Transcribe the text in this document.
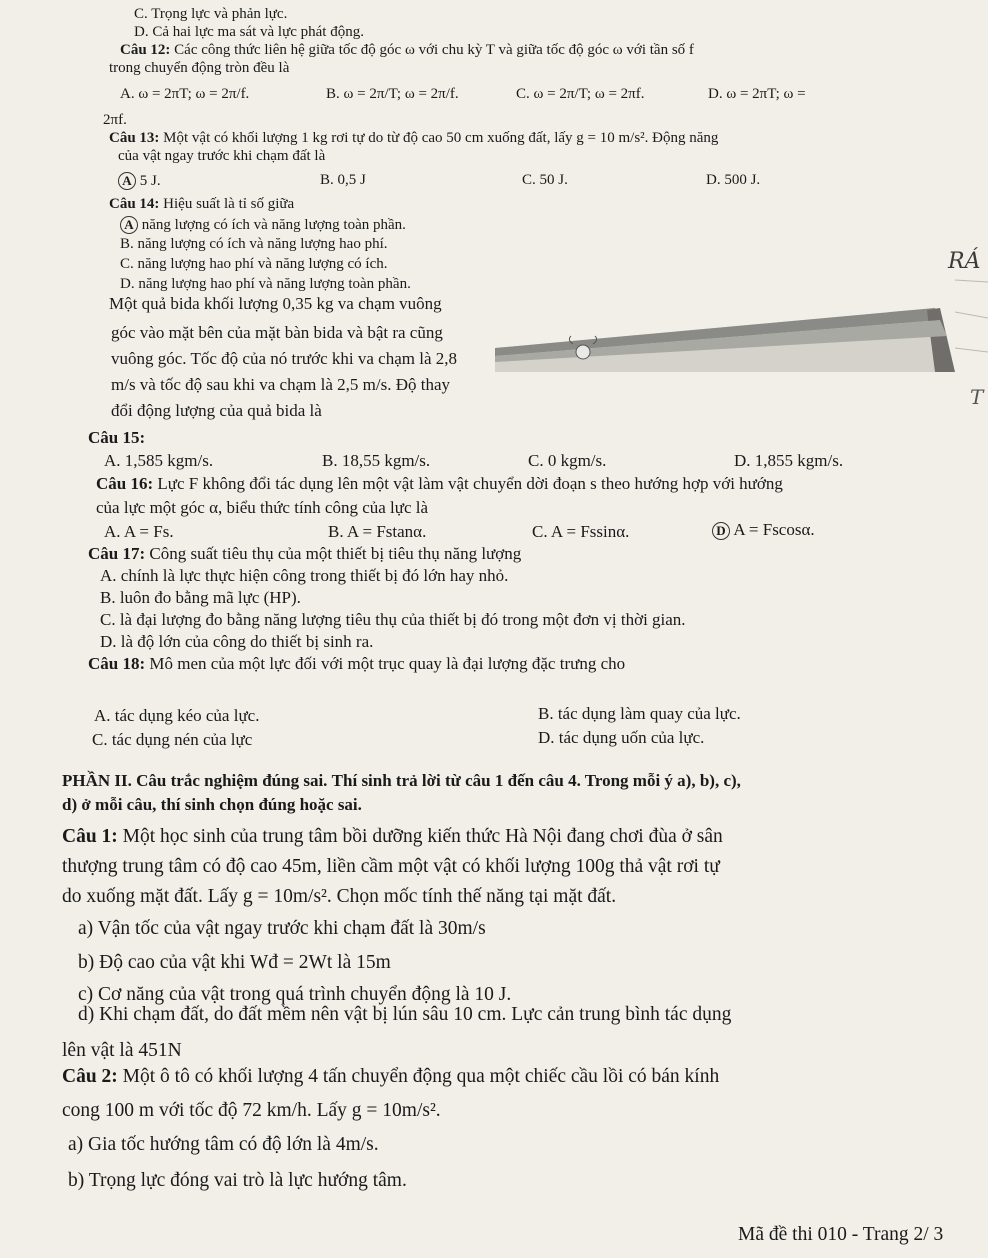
RÁ
T
C. Trọng lực và phản lực.
D. Cả hai lực ma sát và lực phát động.
Câu 12: Các công thức liên hệ giữa tốc độ góc ω với chu kỳ T và giữa tốc độ góc ω với tần số f
trong chuyển động tròn đều là
A. ω = 2πT; ω = 2π/f.	B. ω = 2π/T; ω = 2π/f.	C. ω = 2π/T; ω = 2πf.	D. ω = 2πT; ω =
2πf.
Câu 13: Một vật có khối lượng 1 kg rơi tự do từ độ cao 50 cm xuống đất, lấy g = 10 m/s². Động năng
của vật ngay trước khi chạm đất là
A 5 J.	B. 0,5 J	C. 50 J.	D. 500 J.
Câu 14: Hiệu suất là tỉ số giữa
A năng lượng có ích và năng lượng toàn phần.
B. năng lượng có ích và năng lượng hao phí.
C. năng lượng hao phí và năng lượng có ích.
D. năng lượng hao phí và năng lượng toàn phần.
Một quả bida khối lượng 0,35 kg va chạm vuông
góc vào mặt bên của mặt bàn bida và bật ra cũng
vuông góc. Tốc độ của nó trước khi va chạm là 2,8
m/s và tốc độ sau khi va chạm là 2,5 m/s. Độ thay
đổi động lượng của quả bida là
Câu 15:
A. 1,585 kgm/s.	B. 18,55 kgm/s.	C. 0 kgm/s.	D. 1,855 kgm/s.
Câu 16: Lực F không đổi tác dụng lên một vật làm vật chuyển dời đoạn s theo hướng hợp với hướng
của lực một góc α, biểu thức tính công của lực là
A. A = Fs.	B. A = Fstanα.	C. A = Fssinα.	D A = Fscosα.
Câu 17: Công suất tiêu thụ của một thiết bị tiêu thụ năng lượng
A. chính là lực thực hiện công trong thiết bị đó lớn hay nhỏ.
B. luôn đo bằng mã lực (HP).
C. là đại lượng đo bằng năng lượng tiêu thụ của thiết bị đó trong một đơn vị thời gian.
D. là độ lớn của công do thiết bị sinh ra.
Câu 18: Mô men của một lực đối với một trục quay là đại lượng đặc trưng cho
A. tác dụng kéo của lực.	B. tác dụng làm quay của lực.
C. tác dụng nén của lực	D. tác dụng uốn của lực.
PHẦN II. Câu trắc nghiệm đúng sai. Thí sinh trả lời từ câu 1 đến câu 4. Trong mỗi ý a), b), c),
d) ở mỗi câu, thí sinh chọn đúng hoặc sai.
Câu 1: Một học sinh của trung tâm bồi dưỡng kiến thức Hà Nội đang chơi đùa ở sân
thượng trung tâm có độ cao 45m, liền cầm một vật có khối lượng 100g thả vật rơi tự
do xuống mặt đất. Lấy g = 10m/s². Chọn mốc tính thế năng tại mặt đất.
a) Vận tốc của vật ngay trước khi chạm đất là 30m/s
b) Độ cao của vật khi Wđ = 2Wt là 15m
c) Cơ năng của vật trong quá trình chuyển động là 10 J.
d) Khi chạm đất, do đất mềm nên vật bị lún sâu 10 cm. Lực cản trung bình tác dụng
lên vật là 451N
Câu 2: Một ô tô có khối lượng 4 tấn chuyển động qua một chiếc cầu lồi có bán kính
cong 100 m với tốc độ 72 km/h. Lấy g = 10m/s².
a) Gia tốc hướng tâm có độ lớn là 4m/s.
b) Trọng lực đóng vai trò là lực hướng tâm.
Mã đề thi 010 - Trang 2/ 3
